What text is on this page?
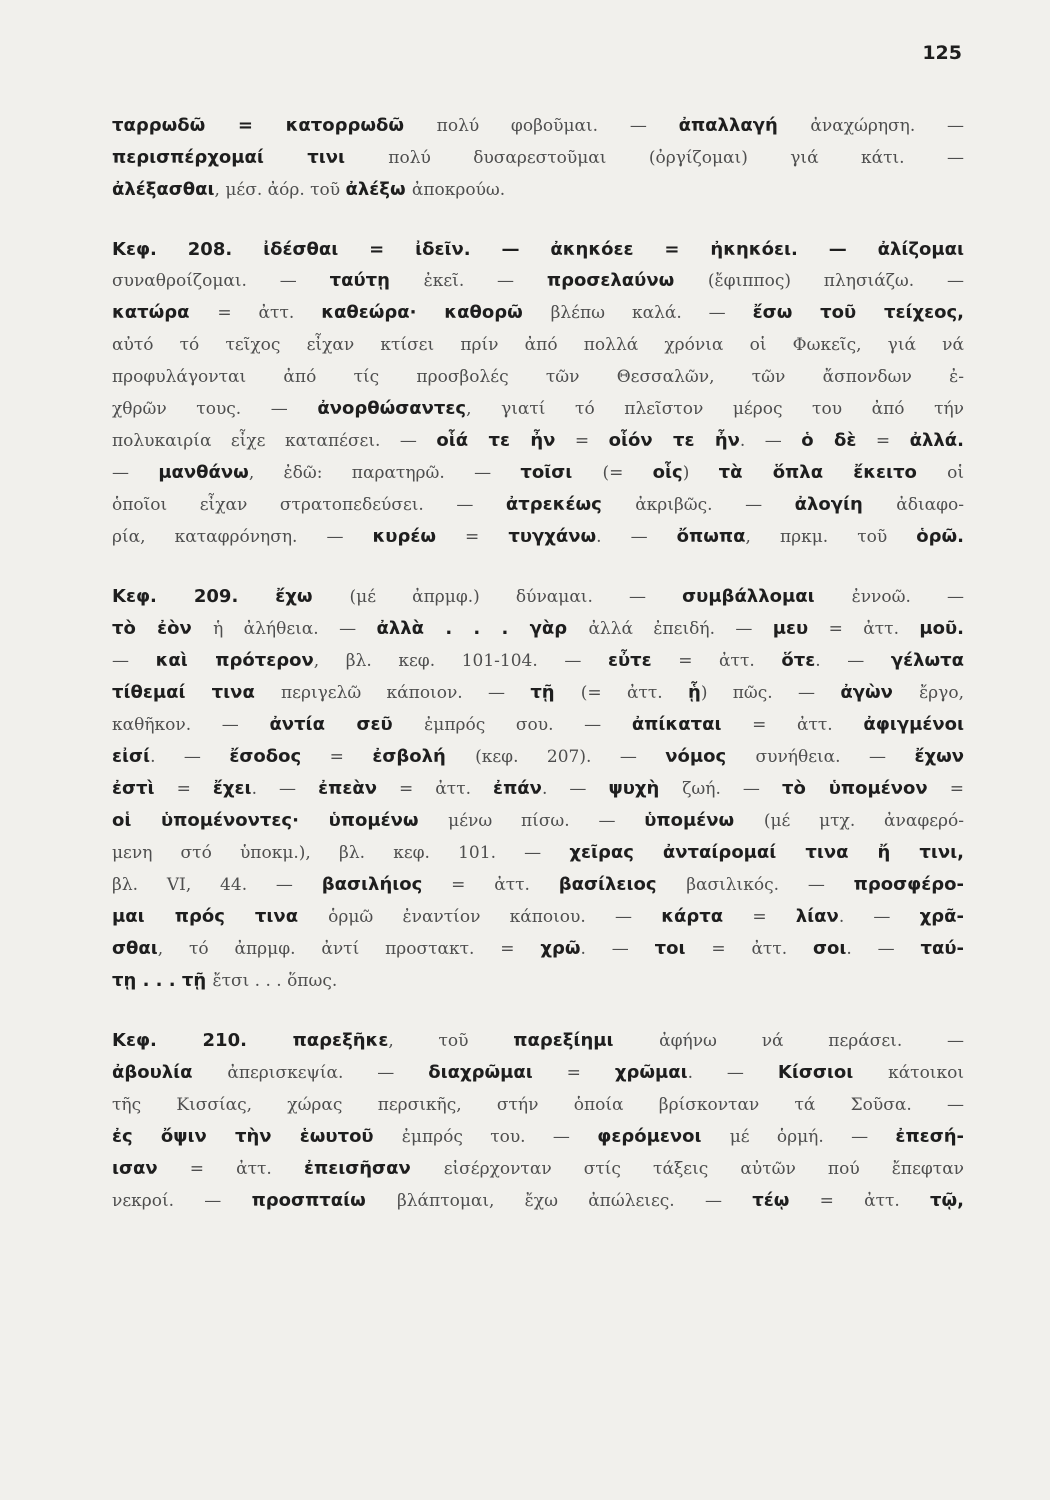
125
ταρρωδῶ = κατορρωδῶ πολύ φοβοῦμαι. — ἀπαλλαγή ἀναχώρηση. —
περισπέρχομαί τινι πολύ δυσαρεστοῦμαι (ὀργίζομαι) γιά κάτι. —
ἀλέξασθαι, μέσ. ἀόρ. τοῦ ἀλέξω ἀποκρούω.
Κεφ. 208. ἰδέσθαι = ἰδεῖν. — ἀκηκόεε = ἠκηκόει. — ἀλίζομαι
συναθροίζομαι. — ταύτῃ ἐκεῖ. — προσελαύνω (ἔφιππος) πλησιάζω. —
κατώρα = ἀττ. καθεώρα· καθορῶ βλέπω καλά. — ἔσω τοῦ τείχεος,
αὐτό τό τεῖχος εἶχαν κτίσει πρίν ἀπό πολλά χρόνια οἱ Φωκεῖς, γιά νά
προφυλάγονται ἀπό τίς προσβολές τῶν Θεσσαλῶν, τῶν ἄσπονδων ἐ-
χθρῶν τους. — ἀνορθώσαντες, γιατί τό πλεῖστον μέρος του ἀπό τήν
πολυκαιρία εἶχε καταπέσει. — οἷά τε ἦν = οἷόν τε ἦν. — ὁ δὲ = ἀλλά.
— μανθάνω, ἐδῶ: παρατηρῶ. — τοῖσι (= οἷς) τὰ ὅπλα ἔκειτο οἱ
ὁποῖοι εἶχαν στρατοπεδεύσει. — ἀτρεκέως ἀκριβῶς. — ἀλογίη ἀδιαφο-
ρία, καταφρόνηση. — κυρέω = τυγχάνω. — ὄπωπα, πρκμ. τοῦ ὁρῶ.
Κεφ. 209. ἔχω (μέ ἀπρμφ.) δύναμαι. — συμβάλλομαι ἐννοῶ. —
τὸ ἐὸν ἡ ἀλήθεια. — ἀλλὰ . . . γὰρ ἀλλά ἐπειδή. — μευ = ἀττ. μοῦ.
— καὶ πρότερον, βλ. κεφ. 101-104. — εὖτε = ἀττ. ὅτε. — γέλωτα
τίθεμαί τινα περιγελῶ κάποιον. — τῇ (= ἀττ. ᾗ) πῶς. — ἀγὼν ἔργο,
καθῆκον. — ἀντία σεῦ ἐμπρός σου. — ἀπίκαται = ἀττ. ἀφιγμένοι
εἰσί. — ἔσοδος = ἐσβολή (κεφ. 207). — νόμος συνήθεια. — ἔχων
ἐστὶ = ἔχει. — ἐπεὰν = ἀττ. ἐπάν. — ψυχὴ ζωή. — τὸ ὑπομένον =
οἱ ὑπομένοντες· ὑπομένω μένω πίσω. — ὑπομένω (μέ μτχ. ἀναφερό-
μενη στό ὑποκμ.), βλ. κεφ. 101. — χεῖρας ἀνταίρομαί τινα ἤ τινι,
βλ. VI, 44. — βασιλήιος = ἀττ. βασίλειος βασιλικός. — προσφέρο-
μαι πρός τινα ὁρμῶ ἐναντίον κάποιου. — κάρτα = λίαν. — χρᾶ-
σθαι, τό ἀπρμφ. ἀντί προστακτ. = χρῶ. — τοι = ἀττ. σοι. — ταύ-
τῃ . . . τῇ ἔτσι . . . ὅπως.
Κεφ. 210. παρεξῆκε, τοῦ παρεξίημι ἀφήνω νά περάσει. —
ἀβουλία ἀπερισκεψία. — διαχρῶμαι = χρῶμαι. — Κίσσιοι κάτοικοι
τῆς Κισσίας, χώρας περσικῆς, στήν ὁποία βρίσκονταν τά Σοῦσα. —
ἐς ὄψιν τὴν ἑωυτοῦ ἐμπρός του. — φερόμενοι μέ ὁρμή. — ἐπεσή-
ισαν = ἀττ. ἐπεισῆσαν εἰσέρχονταν στίς τάξεις αὐτῶν πού ἔπεφταν
νεκροί. — προσπταίω βλάπτομαι, ἔχω ἀπώλειες. — τέῳ = ἀττ. τῷ,
